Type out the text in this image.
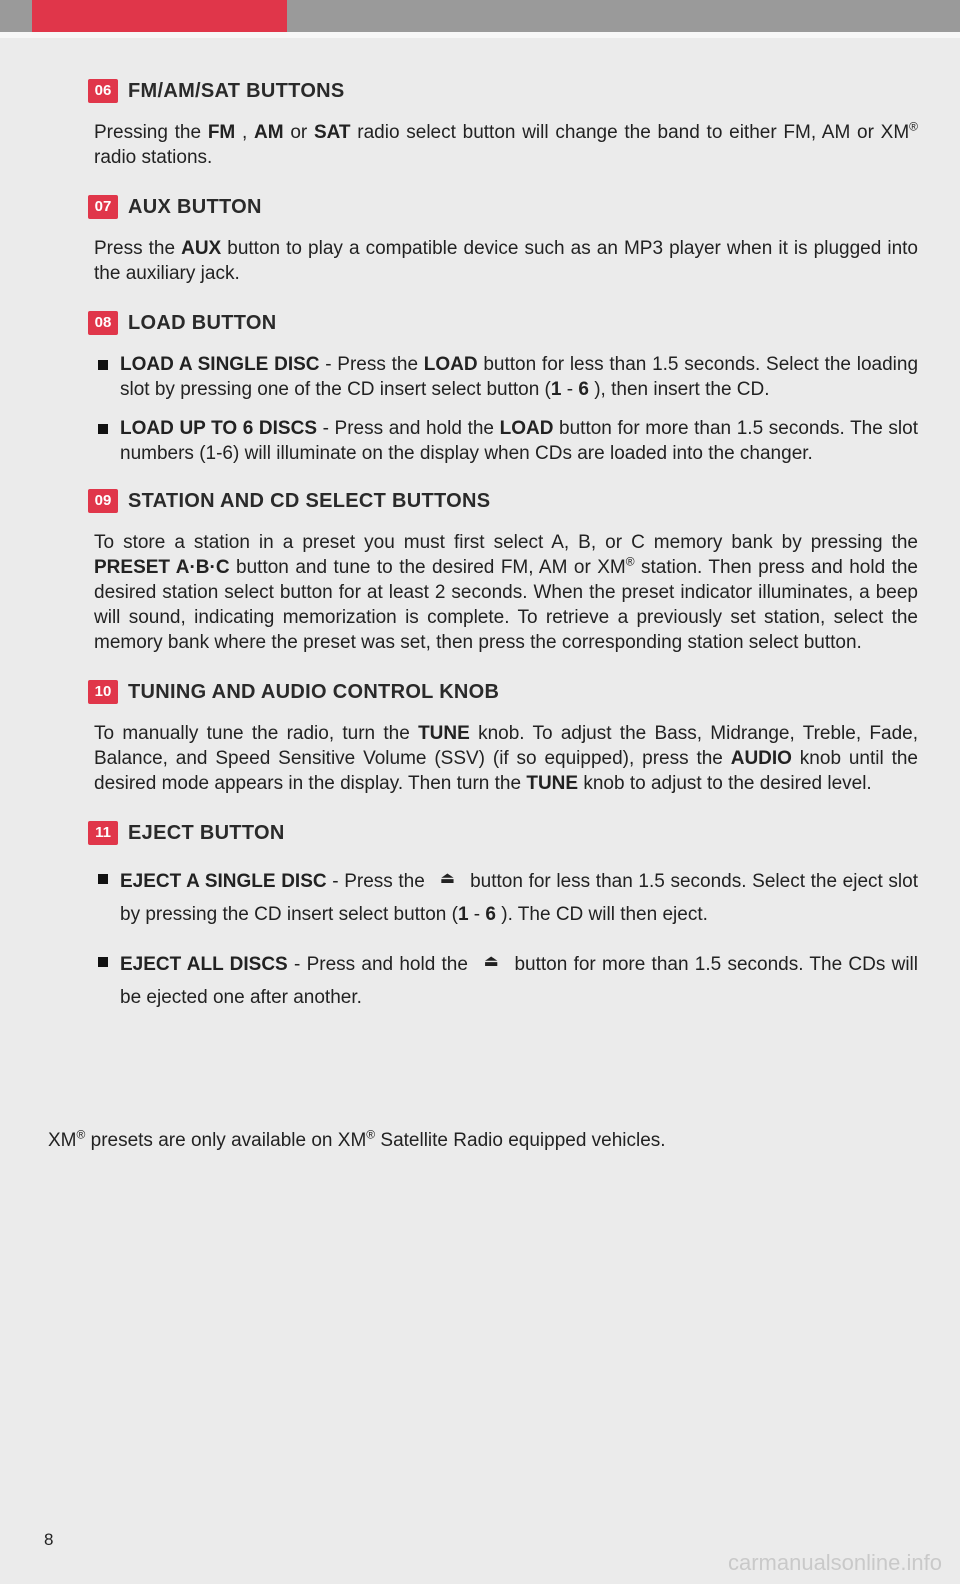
06 FM/AM/SAT BUTTONS

Pressing the FM , AM or SAT radio select button will change the band to either FM, AM or XM® radio stations.

07 AUX BUTTON

Press the AUX button to play a compatible device such as an MP3 player when it is plugged into the auxiliary jack.

08 LOAD BUTTON
LOAD A SINGLE DISC - Press the LOAD button for less than 1.5 seconds. Select the loading slot by pressing one of the CD insert select button (1 - 6 ), then insert the CD.
LOAD UP TO 6 DISCS - Press and hold the LOAD button for more than 1.5 seconds. The slot numbers (1-6) will illuminate on the display when CDs are loaded into the changer.
09 STATION AND CD SELECT BUTTONS

To store a station in a preset you must first select A, B, or C memory bank by pressing the PRESET A·B·C button and tune to the desired FM, AM or XM® station. Then press and hold the desired station select button for at least 2 seconds. When the preset indicator illuminates, a beep will sound, indicating memorization is complete. To retrieve a previously set station, select the memory bank where the preset was set, then press the corresponding station select button.

10 TUNING AND AUDIO CONTROL KNOB

To manually tune the radio, turn the TUNE knob. To adjust the Bass, Midrange, Treble, Fade, Balance, and Speed Sensitive Volume (SSV) (if so equipped), press the AUDIO knob until the desired mode appears in the display. Then turn the TUNE knob to adjust to the desired level.

11 EJECT BUTTON
EJECT A SINGLE DISC - Press the ⏏ button for less than 1.5 seconds. Select the eject slot by pressing the CD insert select button (1 - 6 ). The CD will then eject.
EJECT ALL DISCS - Press and hold the ⏏ button for more than 1.5 seconds. The CDs will be ejected one after another.
XM® presets are only available on XM® Satellite Radio equipped vehicles.
8
carmanualsonline.info
